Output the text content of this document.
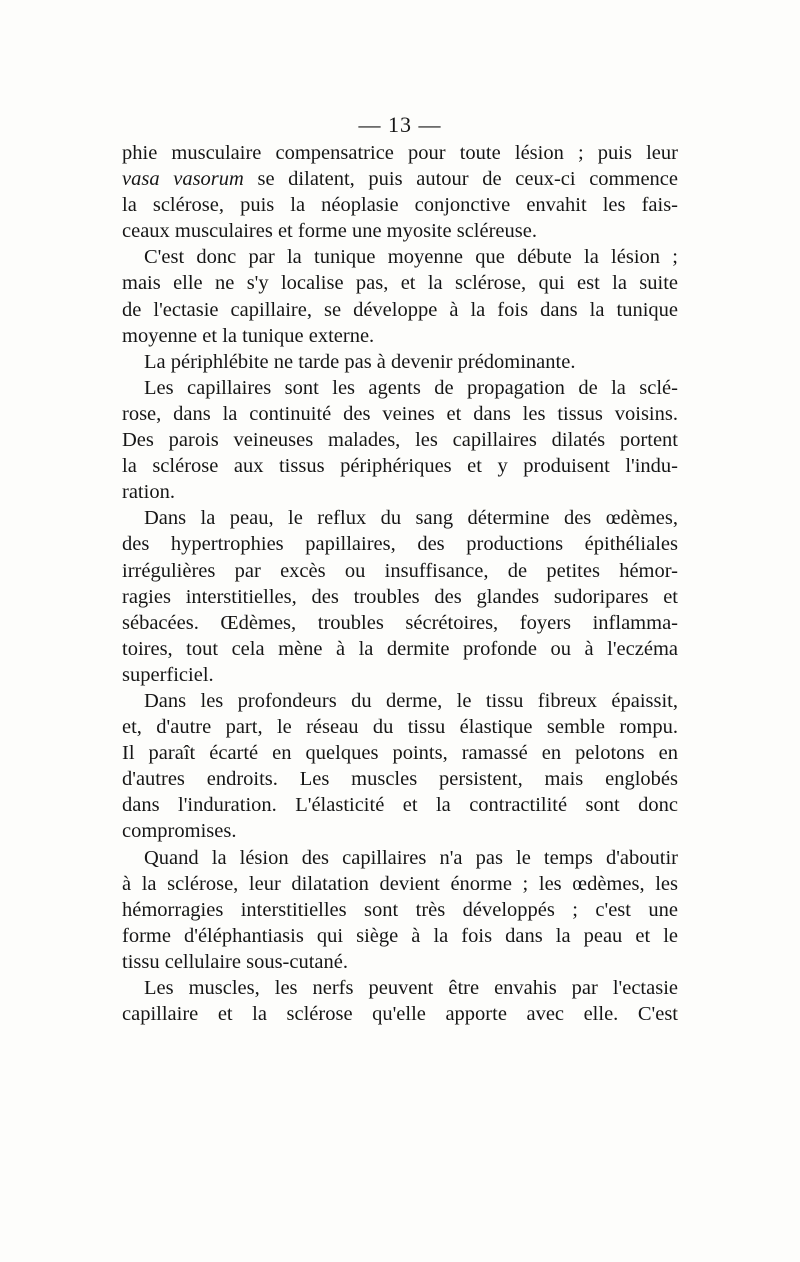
— 13 —
phie musculaire compensatrice pour toute lésion ; puis leur
vasa vasorum se dilatent, puis autour de ceux-ci commence
la sclérose, puis la néoplasie conjonctive envahit les fais-
ceaux musculaires et forme une myosite scléreuse.
C'est donc par la tunique moyenne que débute la lésion ;
mais elle ne s'y localise pas, et la sclérose, qui est la suite
de l'ectasie capillaire, se développe à la fois dans la tunique
moyenne et la tunique externe.
La périphlébite ne tarde pas à devenir prédominante.
Les capillaires sont les agents de propagation de la sclé-
rose, dans la continuité des veines et dans les tissus voisins.
Des parois veineuses malades, les capillaires dilatés portent
la sclérose aux tissus périphériques et y produisent l'indu-
ration.
Dans la peau, le reflux du sang détermine des œdèmes,
des hypertrophies papillaires, des productions épithéliales
irrégulières par excès ou insuffisance, de petites hémor-
ragies interstitielles, des troubles des glandes sudoripares et
sébacées. Œdèmes, troubles sécrétoires, foyers inflamma-
toires, tout cela mène à la dermite profonde ou à l'eczéma
superficiel.
Dans les profondeurs du derme, le tissu fibreux épaissit,
et, d'autre part, le réseau du tissu élastique semble rompu.
Il paraît écarté en quelques points, ramassé en pelotons en
d'autres endroits. Les muscles persistent, mais englobés
dans l'induration. L'élasticité et la contractilité sont donc
compromises.
Quand la lésion des capillaires n'a pas le temps d'aboutir
à la sclérose, leur dilatation devient énorme ; les œdèmes, les
hémorragies interstitielles sont très développés ; c'est une
forme d'éléphantiasis qui siège à la fois dans la peau et le
tissu cellulaire sous-cutané.
Les muscles, les nerfs peuvent être envahis par l'ectasie
capillaire et la sclérose qu'elle apporte avec elle. C'est
